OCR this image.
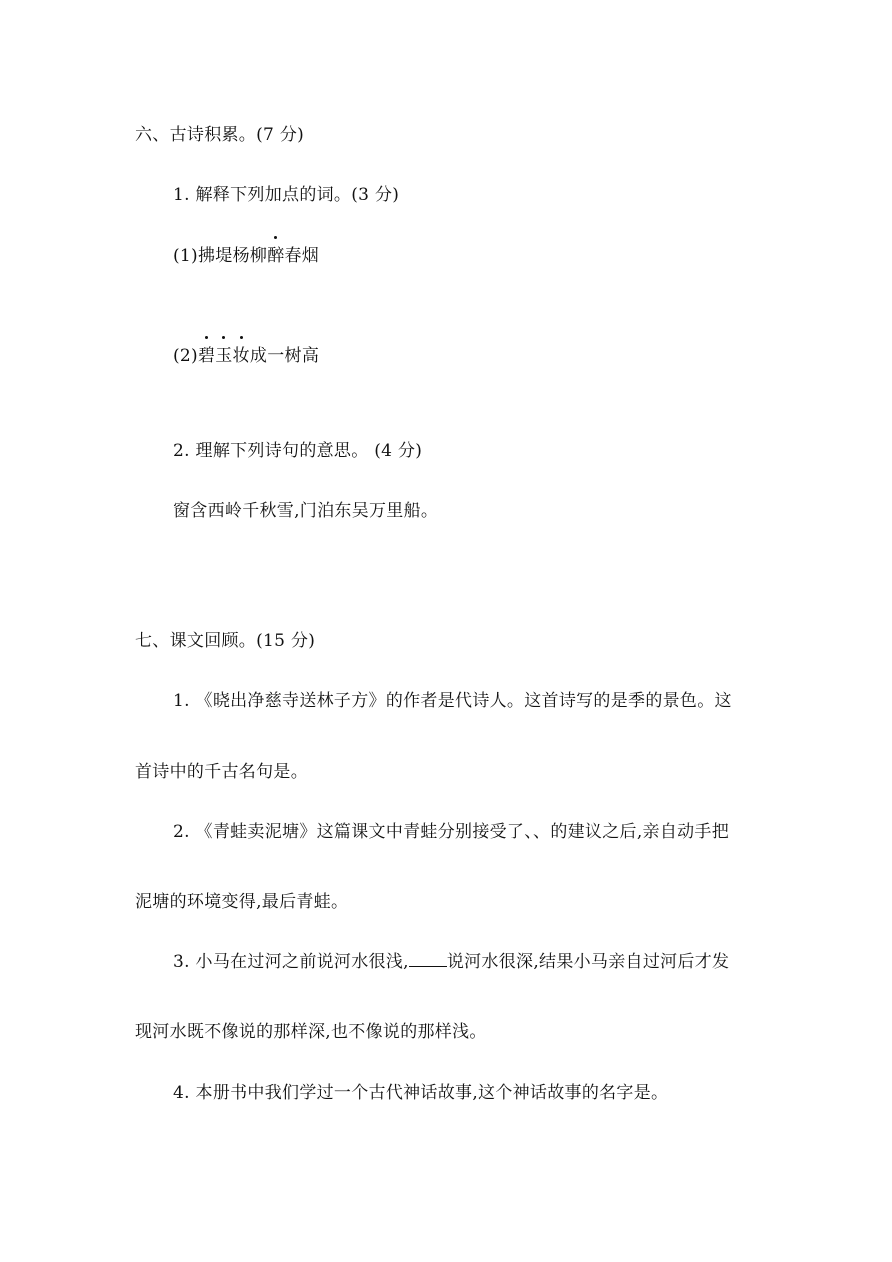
六、古诗积累。(7 分)
1. 解释下列加点的词。(3 分)
(1)拂堤杨柳醉春烟
(2)碧玉妆成一树高
2. 理解下列诗句的意思。 (4 分)
窗含西岭千秋雪,门泊东吴万里船。
七、课文回顾。(15 分)
1. 《晓出净慈寺送林子方》的作者是代诗人。这首诗写的是季的景色。这
首诗中的千古名句是。
2. 《青蛙卖泥塘》这篇课文中青蛙分别接受了、、的建议之后,亲自动手把
泥塘的环境变得,最后青蛙。
3. 小马在过河之前说河水很浅, 说河水很深,结果小马亲自过河后才发
现河水既不像说的那样深,也不像说的那样浅。
4. 本册书中我们学过一个古代神话故事,这个神话故事的名字是。
